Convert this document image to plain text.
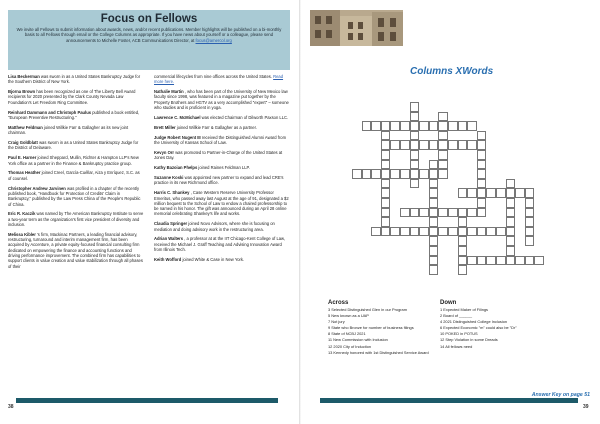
Focus on Fellows

We invite all Fellows to submit information about awards, news, and/or recent publications. Member highlights will be published on a bi-monthly basis to all Fellows through email or the College Columns as appropriate. If you have news about yourself or a colleague, please send announcements to Michelle Foster, ACB Communications Director, at focus@amercol.org

Lisa Beckerman was sworn in as a United States Bankruptcy Judge for the Southern District of New York.

Bjorna Brown has been recognized as one of The Liberty Bell Award recipients for 2020 presented by the Clark County Nevada Law Foundation's Let Freedom Ring Committee.

Reinhard Dammann and Christoph Paulus published a book entitled, "European Preventive Restructuring."

Matthew Feldman joined Willkie Farr & Gallagher as its new joint chairman.

Craig Goldblatt was sworn in as a United States Bankruptcy Judge for the District of Delaware.

Paul E. Harner joined Sheppard, Mullin, Richter & Hampton LLP's New York office as a partner in the Finance & Bankruptcy practice group.

Thomas Heather joined Creel, García-Cuéllar, Aiza y Enríquez, S.C. as of counsel.

Christopher Andrew Jarvinen was profiled in a chapter of the recently published book, "Handbook for Protection of Credits' Claim in Bankruptcy," published by the Law Press China of the People's Republic of China.

Eric R. Kaczik was named by The American Bankruptcy Institute to serve a two-year term as the organization's first vice president of diversity and inclusion.

Melissa Kibler 's firm, Mackinac Partners, a leading financial advisory, restructuring, turnaround and interim management firm, has been acquired by Accenture, a private equity-focused financial consulting firm dedicated on empowering the finance and accounting functions and driving performance improvement. The combined firm has capabilities to support clients in value creation and value stabilization through all phases of their

commercial lifecycles from nine offices across the United States. Read more here.

Nathalie Martin , who has been part of the University of New Mexico law faculty since 1998, was featured in a magazine put together by the Property Brothers and HGTV as a very accomplished "expert" – someone who studies and is proficient in yoga.

Lawrence C. McMichael was elected Chairman of Dilworth Paxson LLC.

Brett Miller joined Willkie Farr & Gallagher as a partner.

Judge Robert Nugent III received the Distinguished Alumni Award from the University of Kansas School of Law.

Kevyn Orr was promoted to Partner-in-Charge of the United States at Jones Day.

Kathy Bazoian Phelps joined Raines Feldman LLP.

Suzanne Koski was appointed new partner to expand and lead CRE's practice in its new Richmond office.

Harris C. Shankey , Case Western Reserve University Professor Emeritus, who passed away last August at the age of 91, designated a $2 million bequest to the School of Law to endow a chaired professorship to be named in his honor. The gift was announced during an April 28 online memorial celebrating Shankey's life and works.

Claudia Springer joined Novo Advisors, where she is focusing on mediation and doing advisory work in the restructuring area.

Adrian Walters , a professor at at the IIT Chicago-Kent College of Law, received the Michael J. Graff Teaching and Advising Innovation Award from Illinois Tech.

Keith Wofford joined White & Case in New York.

38
Columns XWords
Across
3 Selected Distinguished Glen in our Program
5 New known as a UAP
7 Not jury
9 State who Bronze for number of business filings
8 State of NCBJ 2021
11 New Commission with Inclusion
12 2020 City of Induction
13 Kennedy honored with 1st Distinguished Service Award
Down
1 Expected Maker of Filings
2 Board of ______
4 2021 Distinguished College Inclusion
6 Expected Economic "m" could also be "Dr"
10 POKED in POTUS
12 Step Violation in some Dreads
14 All fellows need
Answer Key on page 51
39
